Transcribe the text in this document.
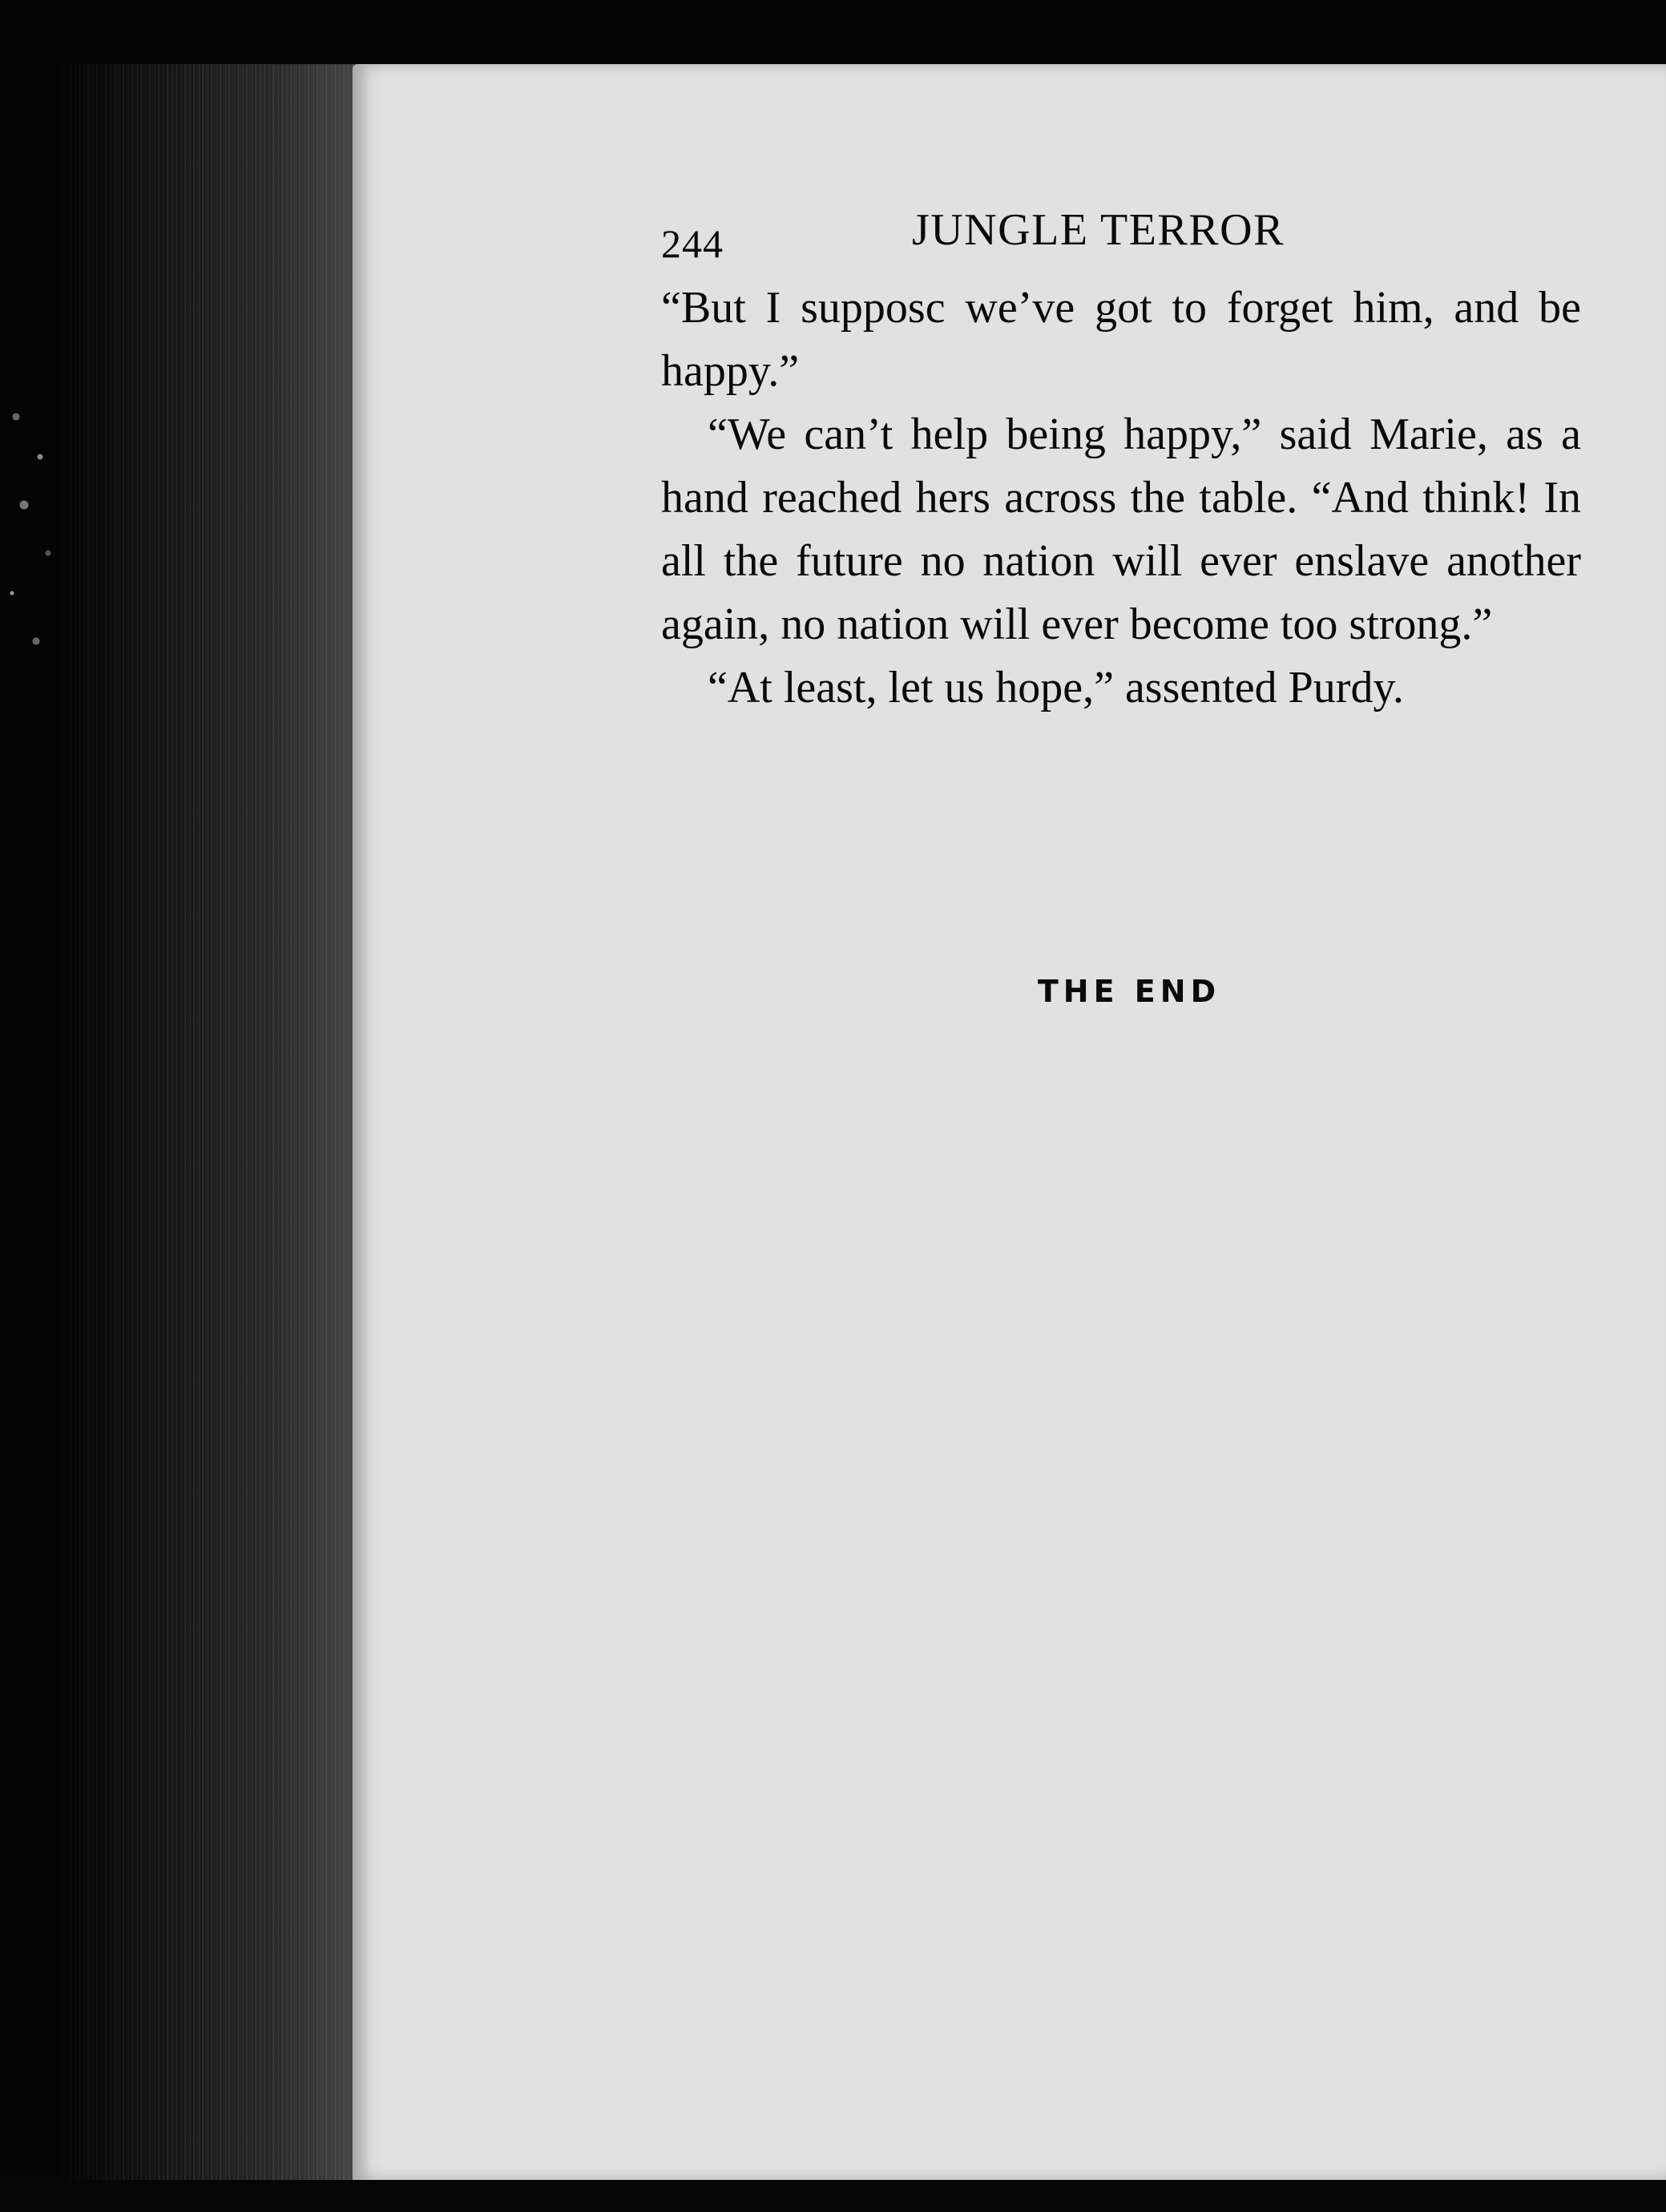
244	JUNGLE TERROR

“But I supposc we’ve got to forget him, and be happy.”

“We can’t help being happy,” said Marie, as a hand reached hers across the table. “And think! In all the future no nation will ever enslave another again, no nation will ever become too strong.”

“At least, let us hope,” assented Purdy.

THE END
